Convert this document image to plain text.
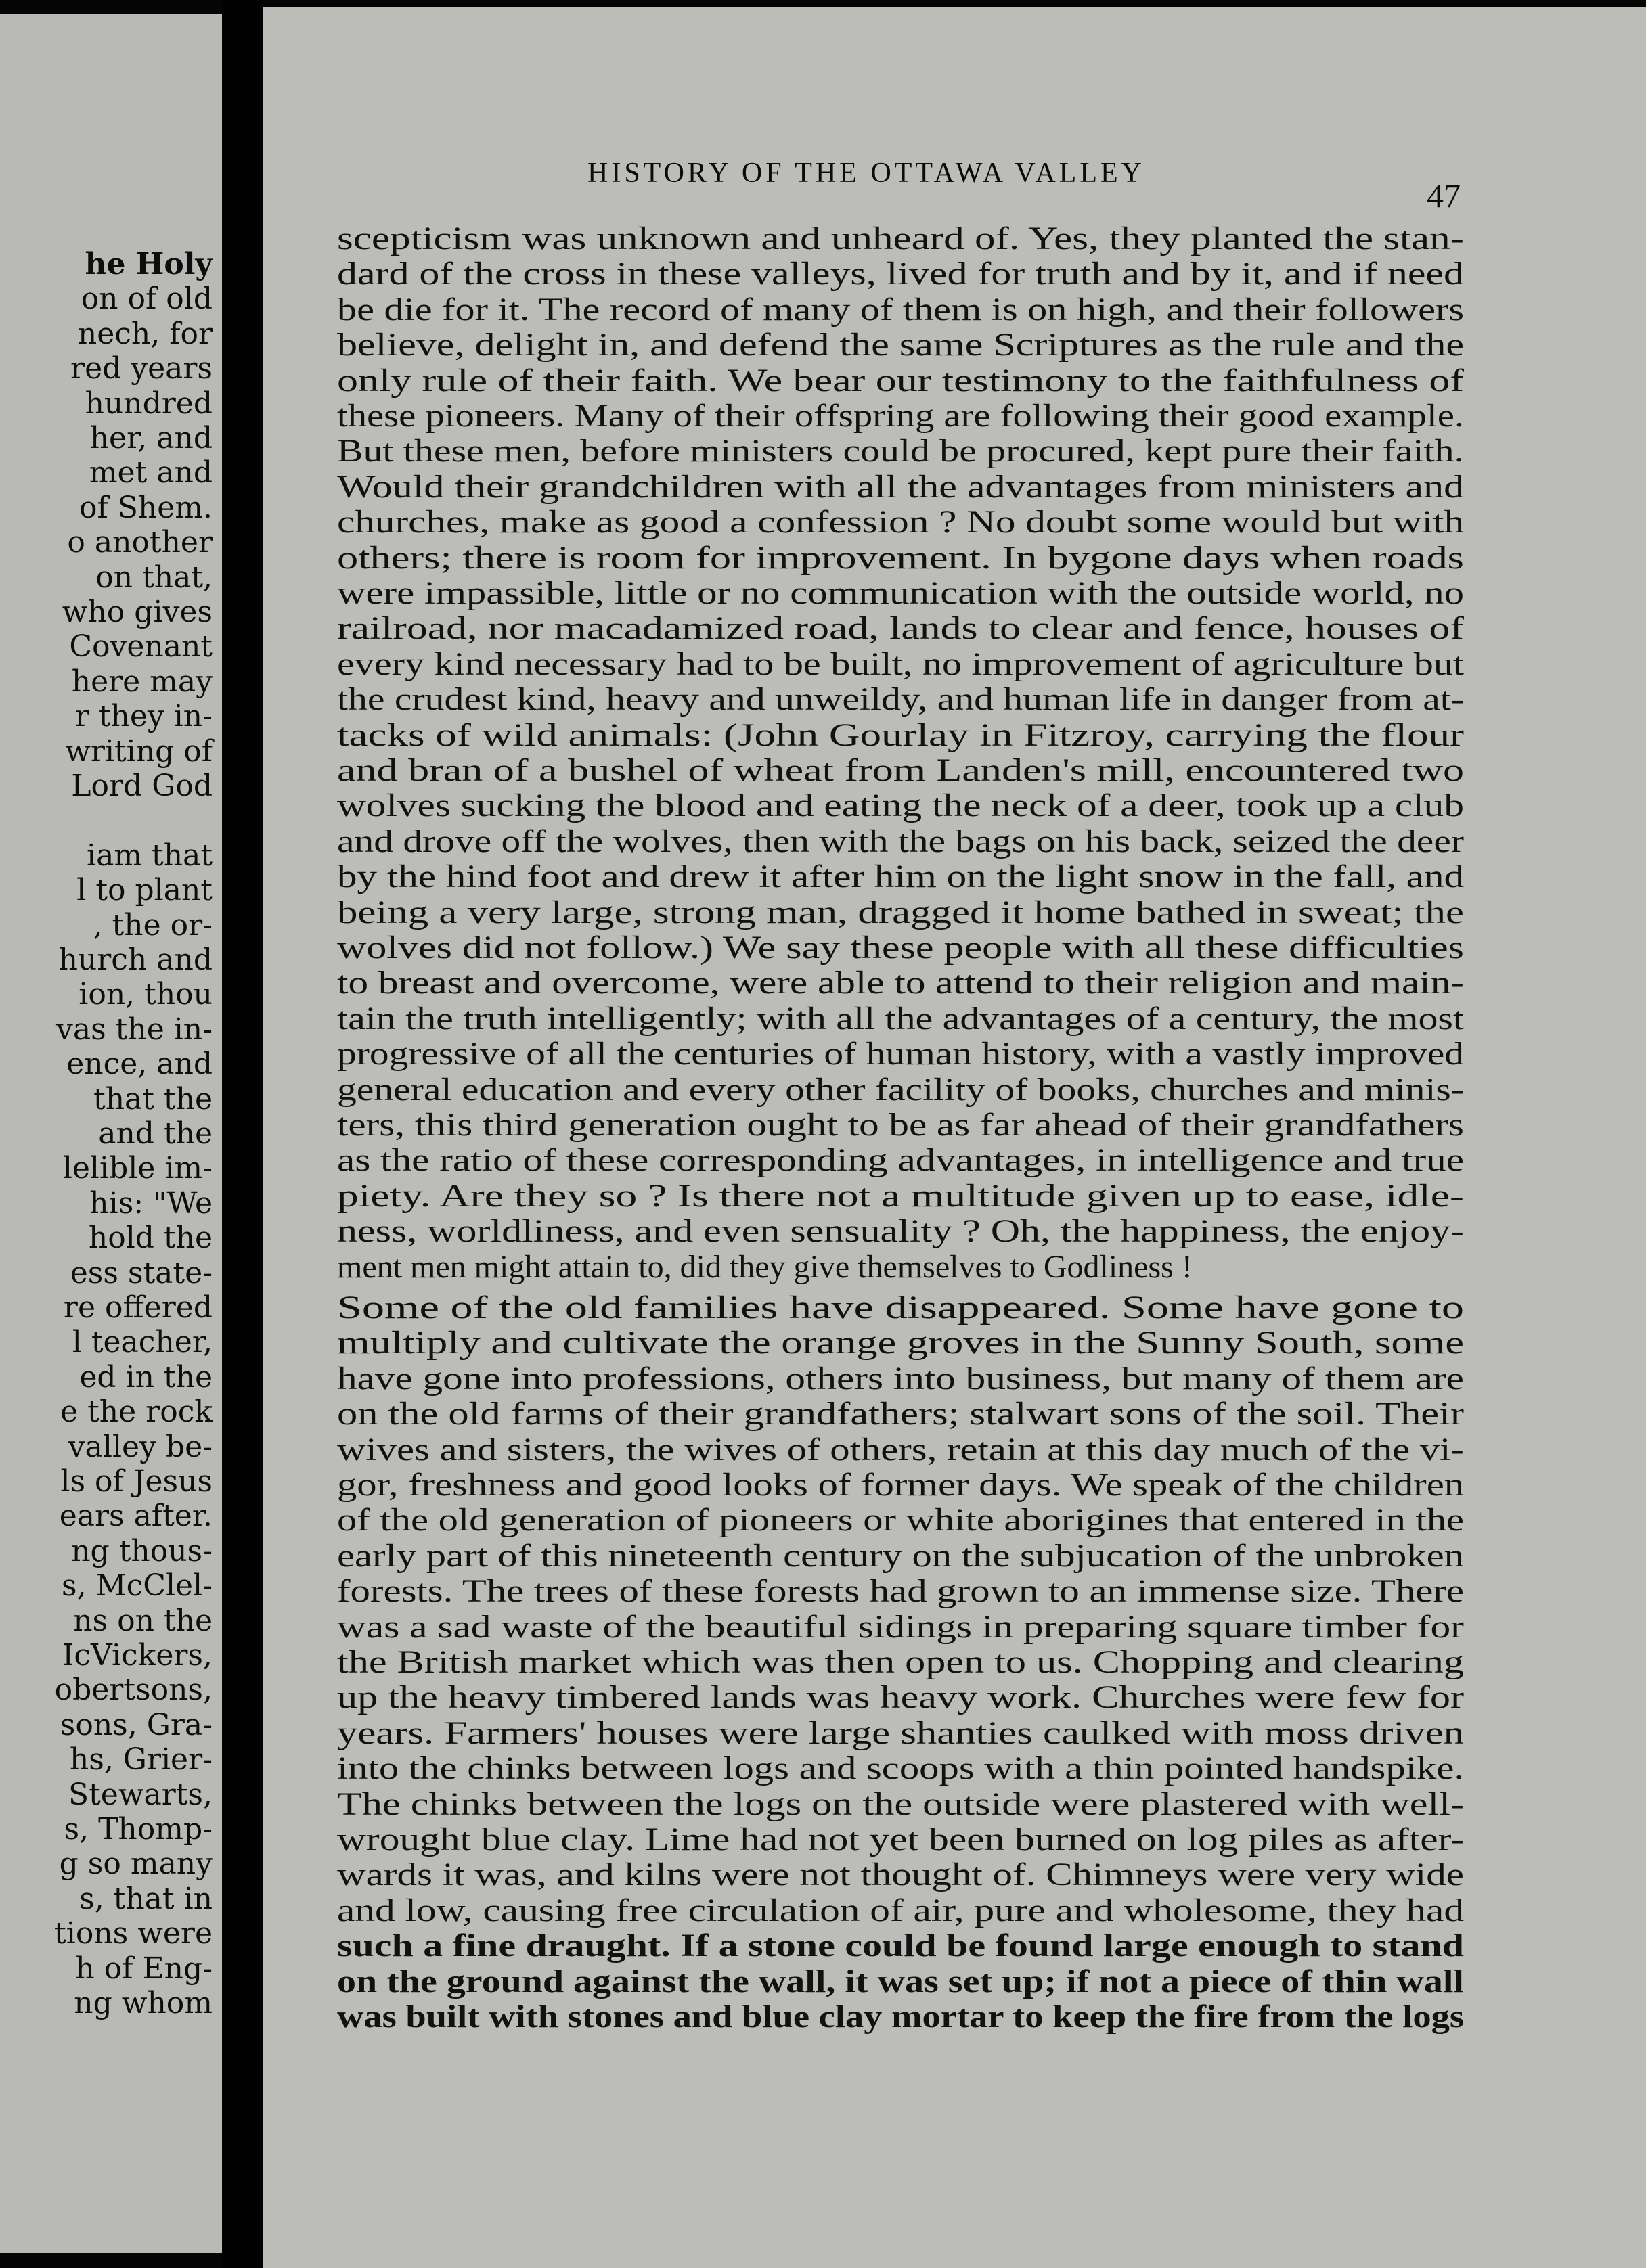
he Holy
on of old
nech, for
red years
hundred
her, and
met and
of Shem.
o another
on that,
who gives
Covenant
here may
r they in-
writing of
Lord God
iam that
l to plant
, the or-
hurch and
ion, thou
vas the in-
ence, and
that the
and the
lelible im-
his: "We
hold the
ess state-
re offered
l teacher,
ed in the
e the rock
valley be-
ls of Jesus
ears after.
ng thous-
s, McClel-
ns on the
IcVickers,
obertsons,
sons, Gra-
hs, Grier-
Stewarts,
s, Thomp-
g so many
s, that in
tions were
h of Eng-
ng whom
HISTORY OF THE OTTAWA VALLEY
47
scepticism was unknown and unheard of. Yes, they planted the stan-
dard of the cross in these valleys, lived for truth and by it, and if need
be die for it. The record of many of them is on high, and their followers
believe, delight in, and defend the same Scriptures as the rule and the
only rule of their faith. We bear our testimony to the faithfulness of
these pioneers. Many of their offspring are following their good example.
But these men, before ministers could be procured, kept pure their faith.
Would their grandchildren with all the advantages from ministers and
churches, make as good a confession ? No doubt some would but with
others; there is room for improvement. In bygone days when roads
were impassible, little or no communication with the outside world, no
railroad, nor macadamized road, lands to clear and fence, houses of
every kind necessary had to be built, no improvement of agriculture but
the crudest kind, heavy and unweildy, and human life in danger from at-
tacks of wild animals: (John Gourlay in Fitzroy, carrying the flour
and bran of a bushel of wheat from Landen's mill, encountered two
wolves sucking the blood and eating the neck of a deer, took up a club
and drove off the wolves, then with the bags on his back, seized the deer
by the hind foot and drew it after him on the light snow in the fall, and
being a very large, strong man, dragged it home bathed in sweat; the
wolves did not follow.) We say these people with all these difficulties
to breast and overcome, were able to attend to their religion and main-
tain the truth intelligently; with all the advantages of a century, the most
progressive of all the centuries of human history, with a vastly improved
general education and every other facility of books, churches and minis-
ters, this third generation ought to be as far ahead of their grandfathers
as the ratio of these corresponding advantages, in intelligence and true
piety. Are they so ? Is there not a multitude given up to ease, idle-
ness, worldliness, and even sensuality ? Oh, the happiness, the enjoy-
ment men might attain to, did they give themselves to Godliness !
Some of the old families have disappeared. Some have gone to
multiply and cultivate the orange groves in the Sunny South, some
have gone into professions, others into business, but many of them are
on the old farms of their grandfathers; stalwart sons of the soil. Their
wives and sisters, the wives of others, retain at this day much of the vi-
gor, freshness and good looks of former days. We speak of the children
of the old generation of pioneers or white aborigines that entered in the
early part of this nineteenth century on the subjucation of the unbroken
forests. The trees of these forests had grown to an immense size. There
was a sad waste of the beautiful sidings in preparing square timber for
the British market which was then open to us. Chopping and clearing
up the heavy timbered lands was heavy work. Churches were few for
years. Farmers' houses were large shanties caulked with moss driven
into the chinks between logs and scoops with a thin pointed handspike.
The chinks between the logs on the outside were plastered with well-
wrought blue clay. Lime had not yet been burned on log piles as after-
wards it was, and kilns were not thought of. Chimneys were very wide
and low, causing free circulation of air, pure and wholesome, they had
such a fine draught. If a stone could be found large enough to stand
on the ground against the wall, it was set up; if not a piece of thin wall
was built with stones and blue clay mortar to keep the fire from the logs
